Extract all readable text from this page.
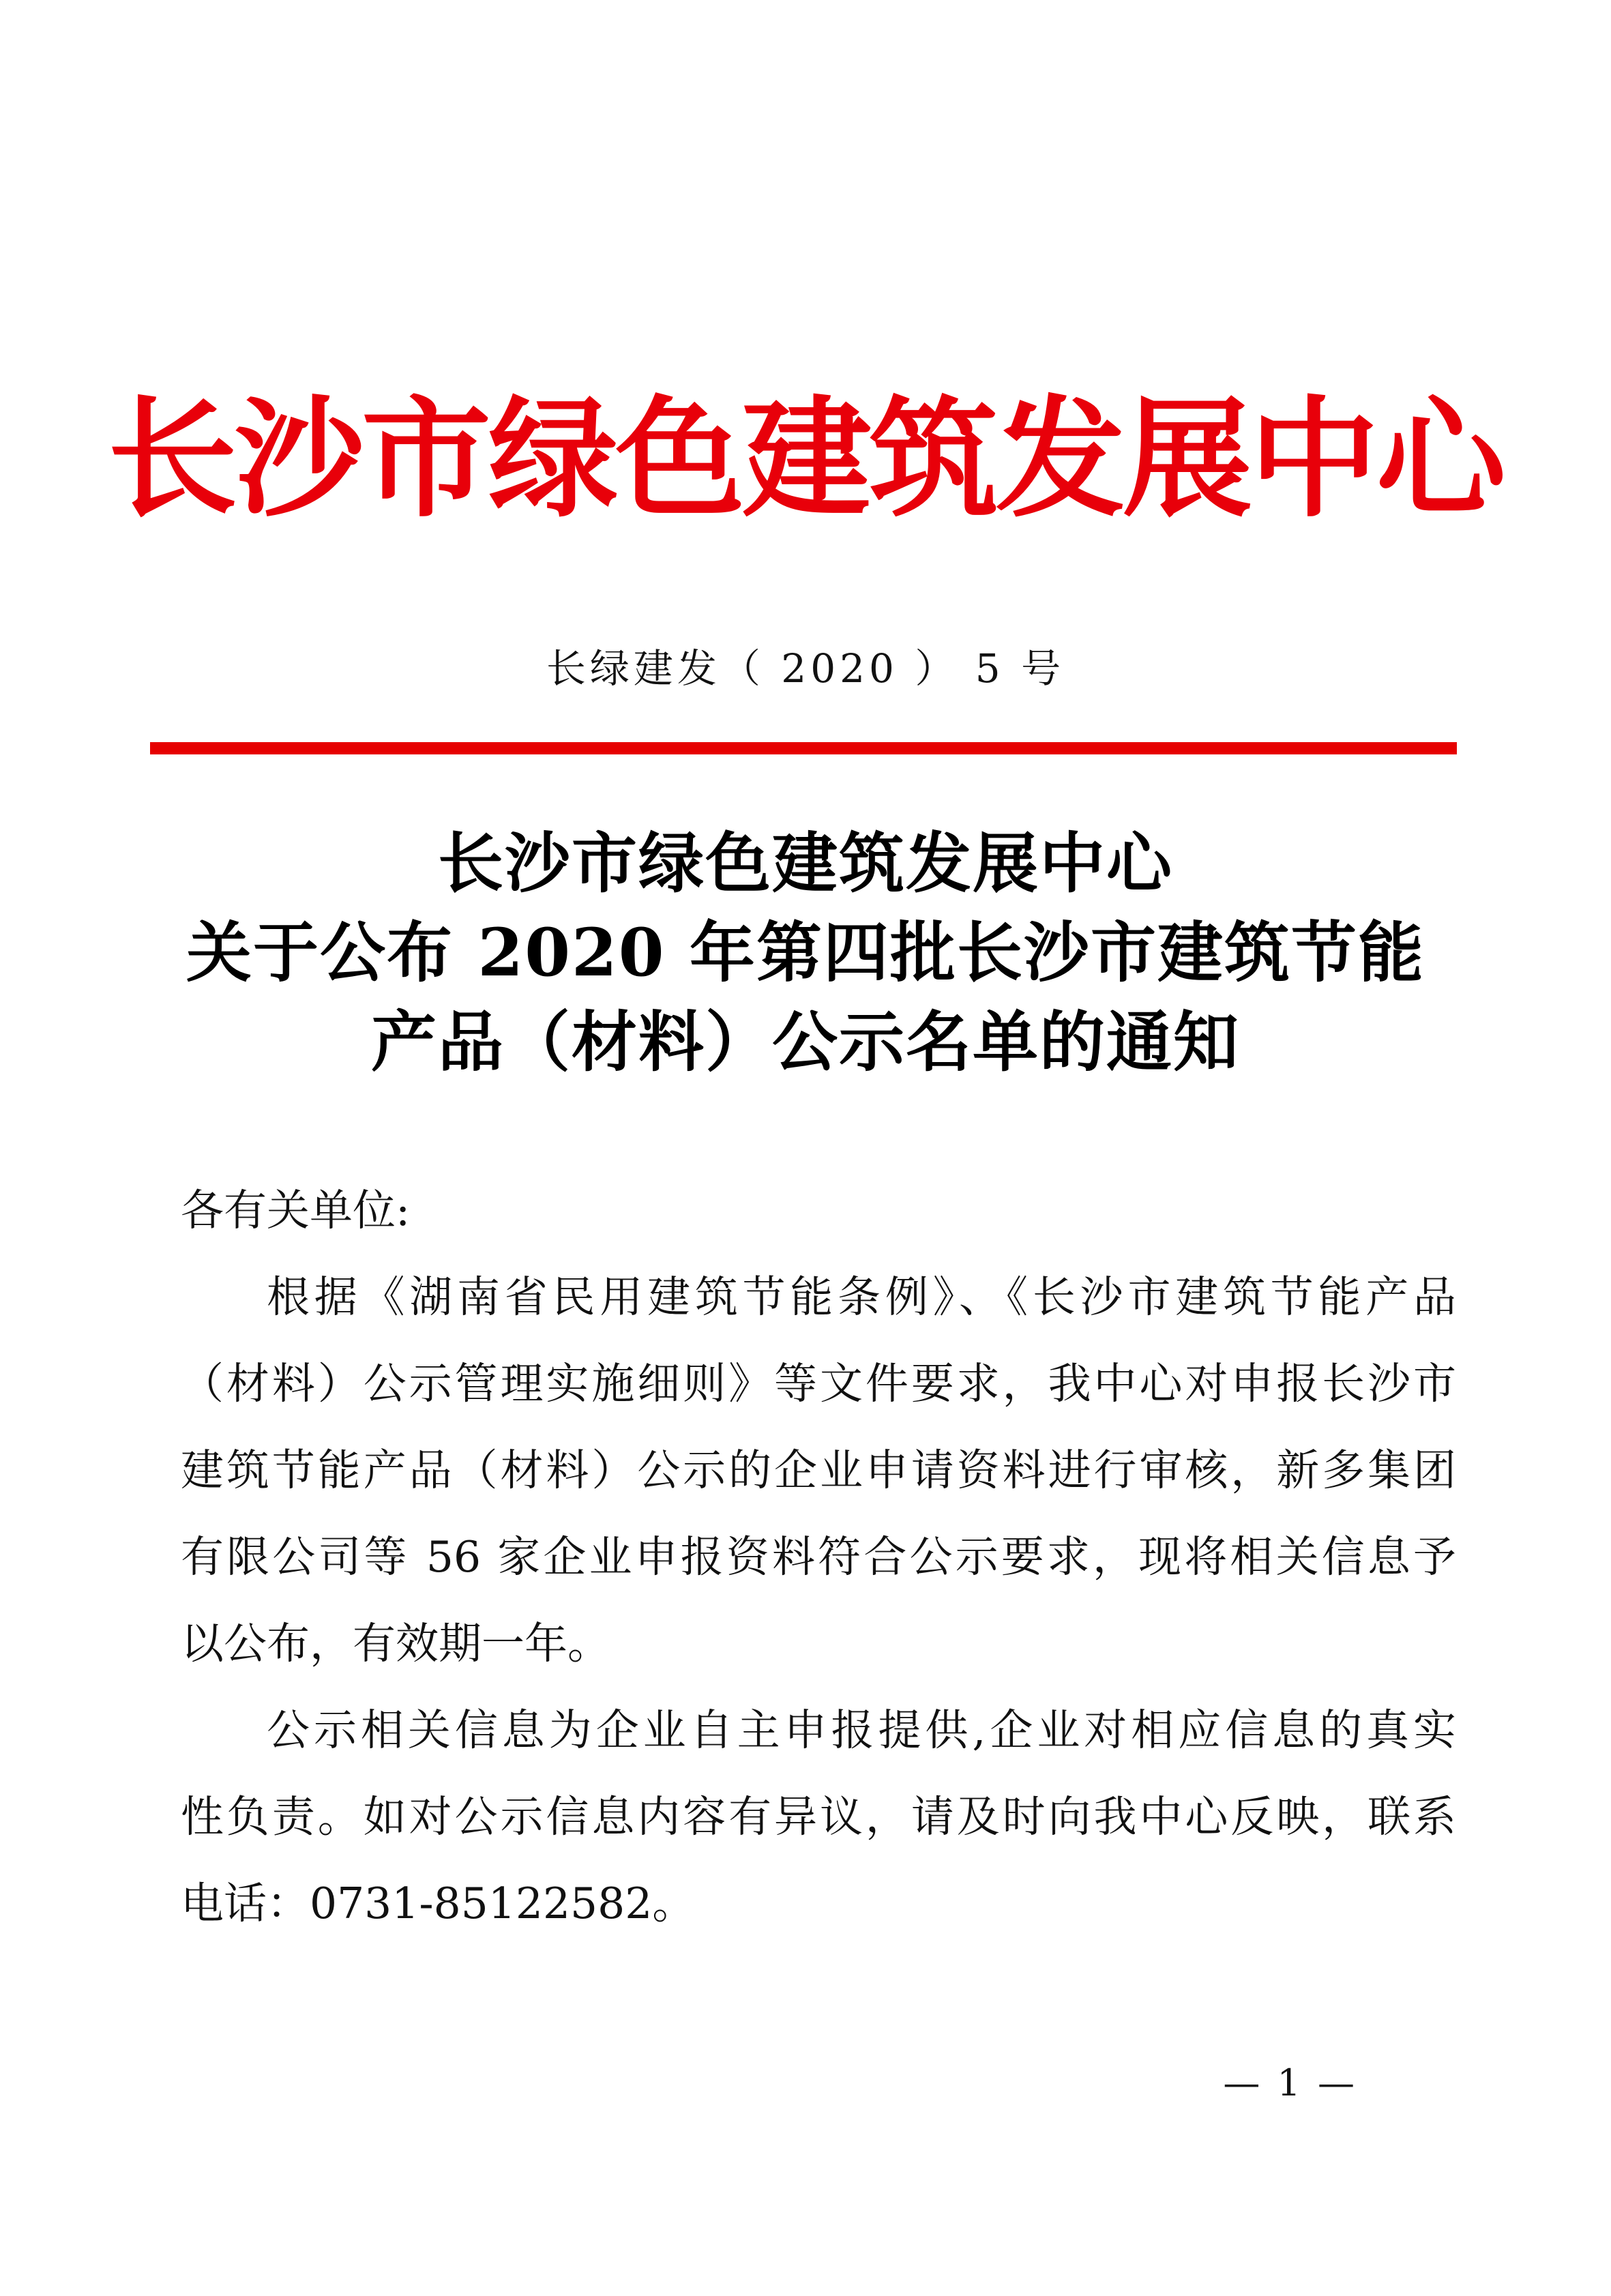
长沙市绿色建筑发展中心
长绿建发（ 2020 ） 5 号
长沙市绿色建筑发展中心
关于公布 2020 年第四批长沙市建筑节能
产品（材料）公示名单的通知
各有关单位:
根据《湖南省民用建筑节能条例》、《长沙市建筑节能产品
（材料）公示管理实施细则》等文件要求，我中心对申报长沙市
建筑节能产品（材料）公示的企业申请资料进行审核，新多集团
有限公司等 56 家企业申报资料符合公示要求，现将相关信息予
以公布，有效期一年。
公示相关信息为企业自主申报提供,企业对相应信息的真实
性负责。如对公示信息内容有异议，请及时向我中心反映，联系
电话：0731-85122582。
— 1 —
